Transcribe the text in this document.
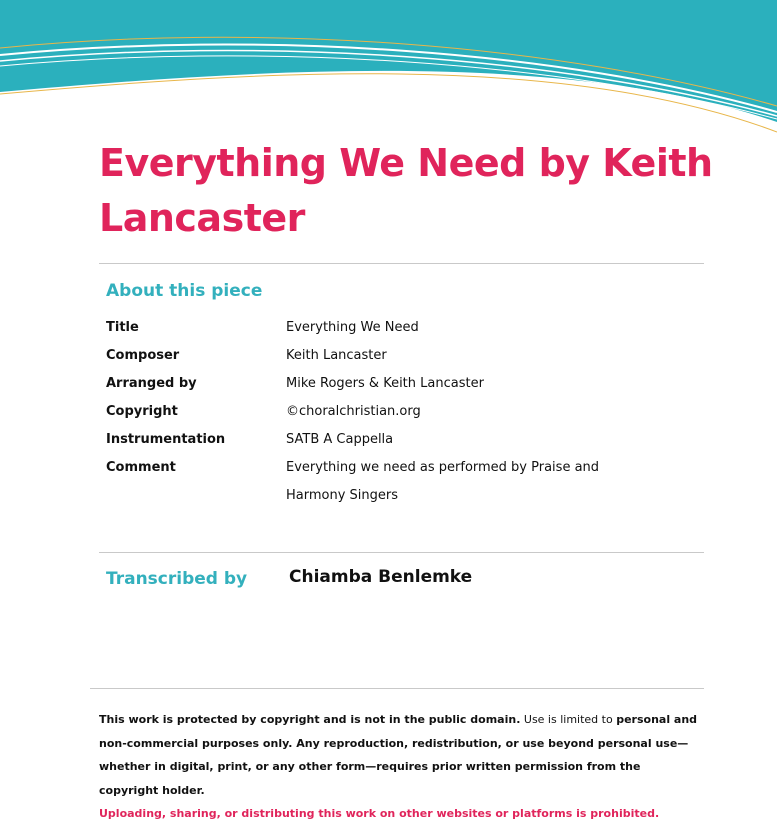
Everything We Need by Keith Lancaster
About this piece
Title	Everything We Need
Composer	Keith Lancaster
Arranged by	Mike Rogers & Keith Lancaster
Copyright	©choralchristian.org
Instrumentation	SATB A Cappella
Comment	Everything we need as performed by Praise and Harmony Singers
Transcribed by Chiamba Benlemke
This work is protected by copyright and is not in the public domain. Use is limited to personal and non-commercial purposes only. Any reproduction, redistribution, or use beyond personal use—whether in digital, print, or any other form—requires prior written permission from the copyright holder.
Uploading, sharing, or distributing this work on other websites or platforms is prohibited.
